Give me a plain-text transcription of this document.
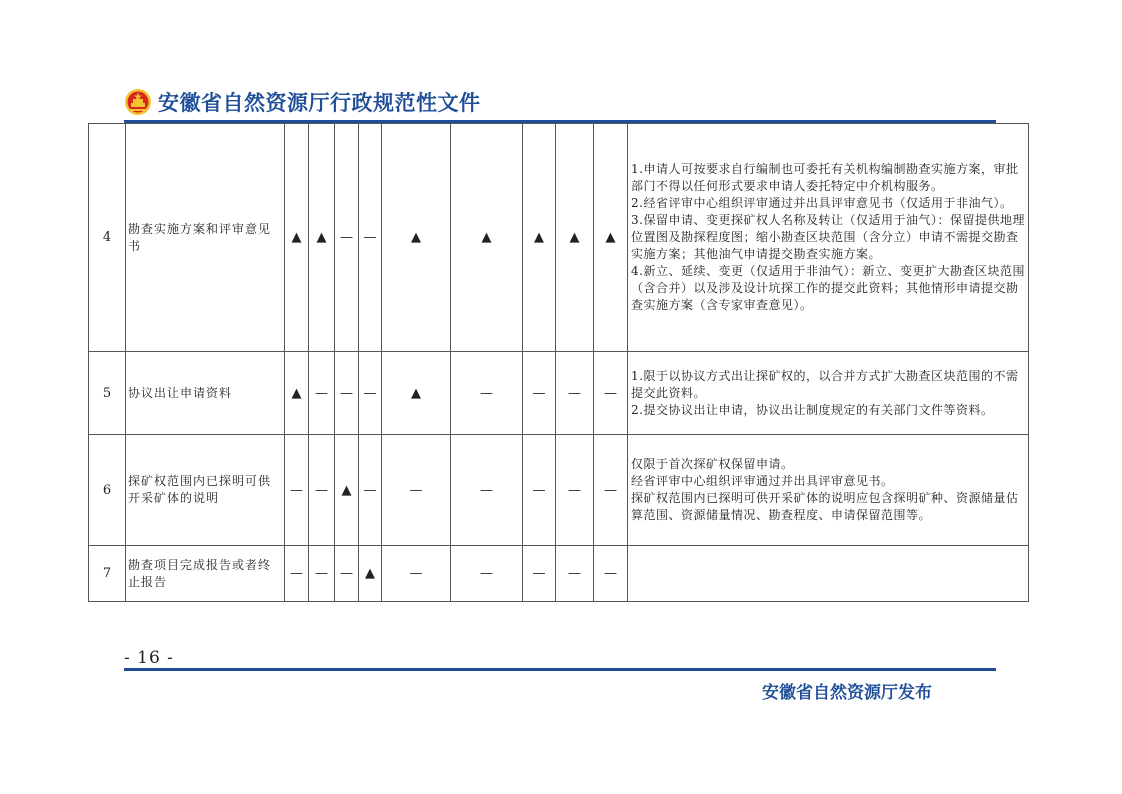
安徽省自然资源厅行政规范性文件
4	勘查实施方案和评审意见书	▲	▲	—	—	▲	▲	▲	▲	▲	1.申请人可按要求自行编制也可委托有关机构编制勘查实施方案，审批部门不得以任何形式要求申请人委托特定中介机构服务。
2.经省评审中心组织评审通过并出具评审意见书（仅适用于非油气）。
3.保留申请、变更探矿权人名称及转让（仅适用于油气）：保留提供地理位置图及勘探程度图；缩小勘查区块范围（含分立）申请不需提交勘查实施方案；其他油气申请提交勘查实施方案。
4.新立、延续、变更（仅适用于非油气）：新立、变更扩大勘查区块范围（含合并）以及涉及设计坑探工作的提交此资料；其他情形申请提交勘查实施方案（含专家审查意见）。

5	协议出让申请资料	▲	—	—	—	▲	—	—	—	—	1.限于以协议方式出让探矿权的，以合并方式扩大勘查区块范围的不需提交此资料。
2.提交协议出让申请，协议出让制度规定的有关部门文件等资料。

6	探矿权范围内已探明可供开采矿体的说明	—	—	▲	—	—	—	—	—	—	仅限于首次探矿权保留申请。
经省评审中心组织评审通过并出具评审意见书。
探矿权范围内已探明可供开采矿体的说明应包含探明矿种、资源储量估算范围、资源储量情况、勘查程度、申请保留范围等。

7	勘查项目完成报告或者终止报告	—	—	—	▲	—	—	—	—	—	
- 16 -
安徽省自然资源厅发布
